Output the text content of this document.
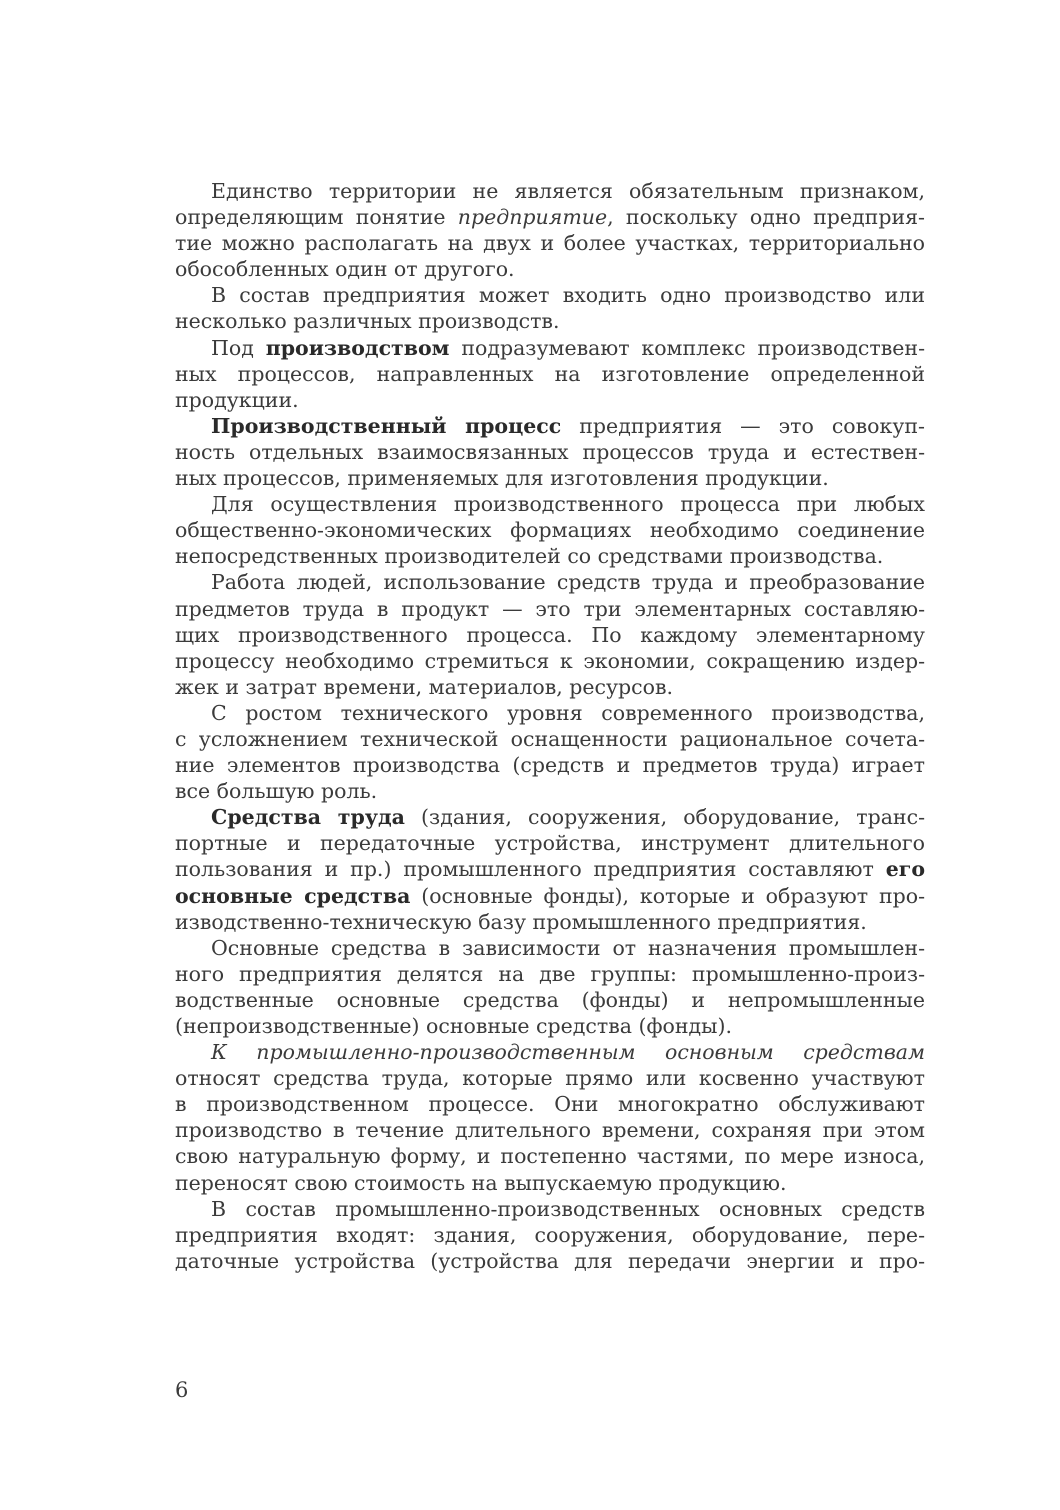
Единство территории не является обязательным признаком,
определяющим понятие предприятие, поскольку одно предприя-
тие можно располагать на двух и более участках, территориально
обособленных один от другого.
В состав предприятия может входить одно производство или
несколько различных производств.
Под производством подразумевают комплекс производствен-
ных процессов, направленных на изготовление определенной
продукции.
Производственный процесс предприятия — это совокуп-
ность отдельных взаимосвязанных процессов труда и естествен-
ных процессов, применяемых для изготовления продукции.
Для осуществления производственного процесса при любых
общественно-экономических формациях необходимо соединение
непосредственных производителей со средствами производства.
Работа людей, использование средств труда и преобразование
предметов труда в продукт — это три элементарных составляю-
щих производственного процесса. По каждому элементарному
процессу необходимо стремиться к экономии, сокращению издер-
жек и затрат времени, материалов, ресурсов.
С ростом технического уровня современного производства,
с усложнением технической оснащенности рациональное сочета-
ние элементов производства (средств и предметов труда) играет
все большую роль.
Средства труда (здания, сооружения, оборудование, транс-
портные и передаточные устройства, инструмент длительного
пользования и пр.) промышленного предприятия составляют его
основные средства (основные фонды), которые и образуют про-
изводственно-техническую базу промышленного предприятия.
Основные средства в зависимости от назначения промышлен-
ного предприятия делятся на две группы: промышленно-произ-
водственные основные средства (фонды) и непромышленные
(непроизводственные) основные средства (фонды).
К промышленно-производственным основным средствам
относят средства труда, которые прямо или косвенно участвуют
в производственном процессе. Они многократно обслуживают
производство в течение длительного времени, сохраняя при этом
свою натуральную форму, и постепенно частями, по мере износа,
переносят свою стоимость на выпускаемую продукцию.
В состав промышленно-производственных основных средств
предприятия входят: здания, сооружения, оборудование, пере-
даточные устройства (устройства для передачи энергии и про-
6
